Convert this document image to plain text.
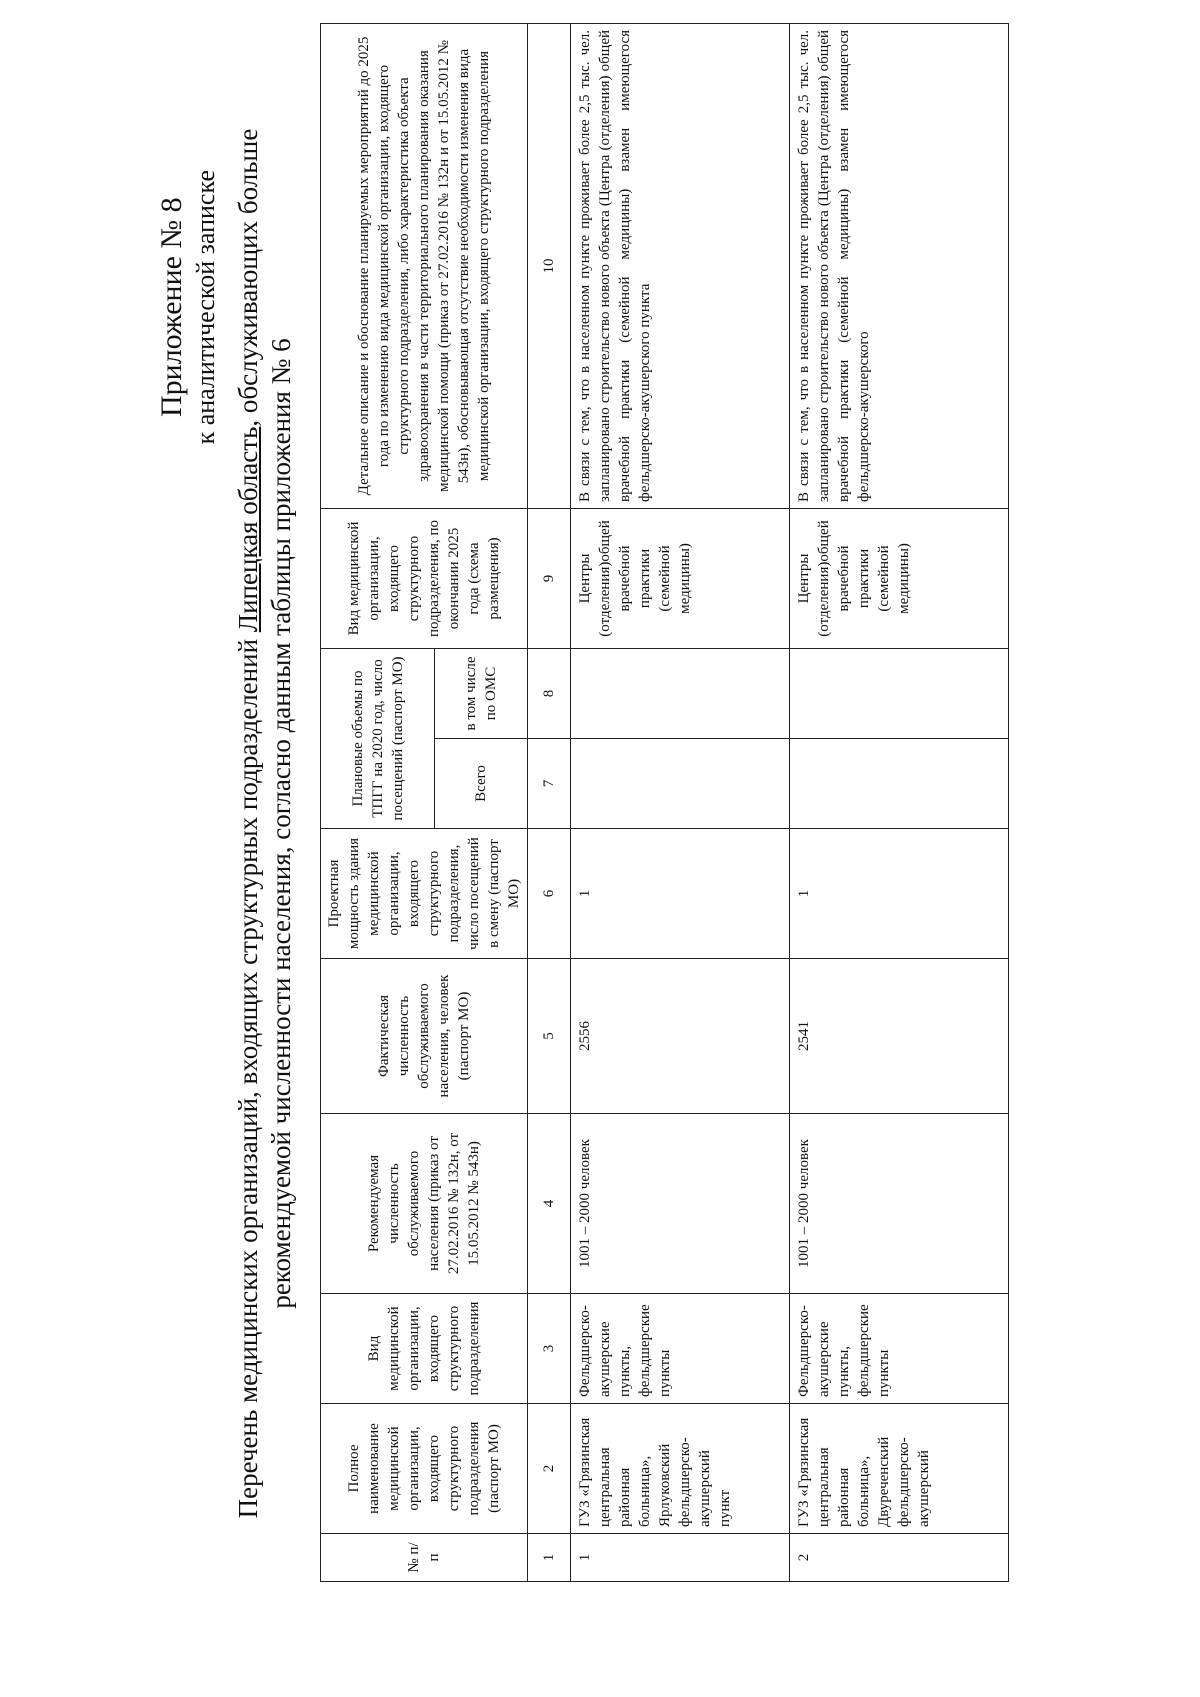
Приложение № 8 к аналитической записке
Перечень медицинских организаций, входящих структурных подразделений Липецкая область, обслуживающих больше рекомендуемой численности населения, согласно данным таблицы приложения № 6
№ п/п	Полное наименование медицинской организации, входящего структурного подразделения (паспорт МО)	Вид медицинской организации, входящего структурного подразделения	Рекомендуемая численность обслуживаемого населения (приказ от 27.02.2016 № 132н, от 15.05.2012 № 543н)	Фактическая численность обслуживаемого населения, человек (паспорт МО)	Проектная мощность здания медицинской организации, входящего структурного подразделения, число посещений в смену (паспорт МО)	Плановые объемы по ТПГГ на 2020 год, число посещений (паспорт МО)		Вид медицинской организации, входящего структурного подразделения, по окончании 2025 года (схема размещения)	Детальное описание и обоснование планируемых мероприятий до 2025 года по изменению вида медицинской организации, входящего структурного подразделения, либо характеристика объекта здравоохранения в части территориального планирования оказания медицинской помощи (приказ от 27.02.2016 № 132н и от 15.05.2012 № 543н), обосновывающая отсутствие необходимости изменения вида медицинской организации, входящего структурного подразделения
						Всего	в том числе по ОМС		
1	2	3	4	5	6	7	8	9	10
1	ГУЗ «Грязинская центральная районная больница», Ярлуковский фельдшерско-акушерский пункт	Фельдшерско-акушерские пункты, фельдшерские пункты	1001 – 2000 человек	2556	1			Центры (отделения)общей врачебной практики (семейной медицины)	В связи с тем, что в населенном пункте проживает более 2,5 тыс. чел. запланировано строительство нового объекта (Центра (отделения) общей врачебной практики (семейной медицины) взамен имеющегося фельдшерско-акушерского пункта
2	ГУЗ «Грязинская центральная районная больница», Двуреченский фельдшерско-акушерский	Фельдшерско-акушерские пункты, фельдшерские пункты	1001 – 2000 человек	2541	1			Центры (отделения)общей врачебной практики (семейной медицины)	В связи с тем, что в населенном пункте проживает более 2,5 тыс. чел. запланировано строительство нового объекта (Центра (отделения) общей врачебной практики (семейной медицины) взамен имеющегося фельдшерско-акушерского
